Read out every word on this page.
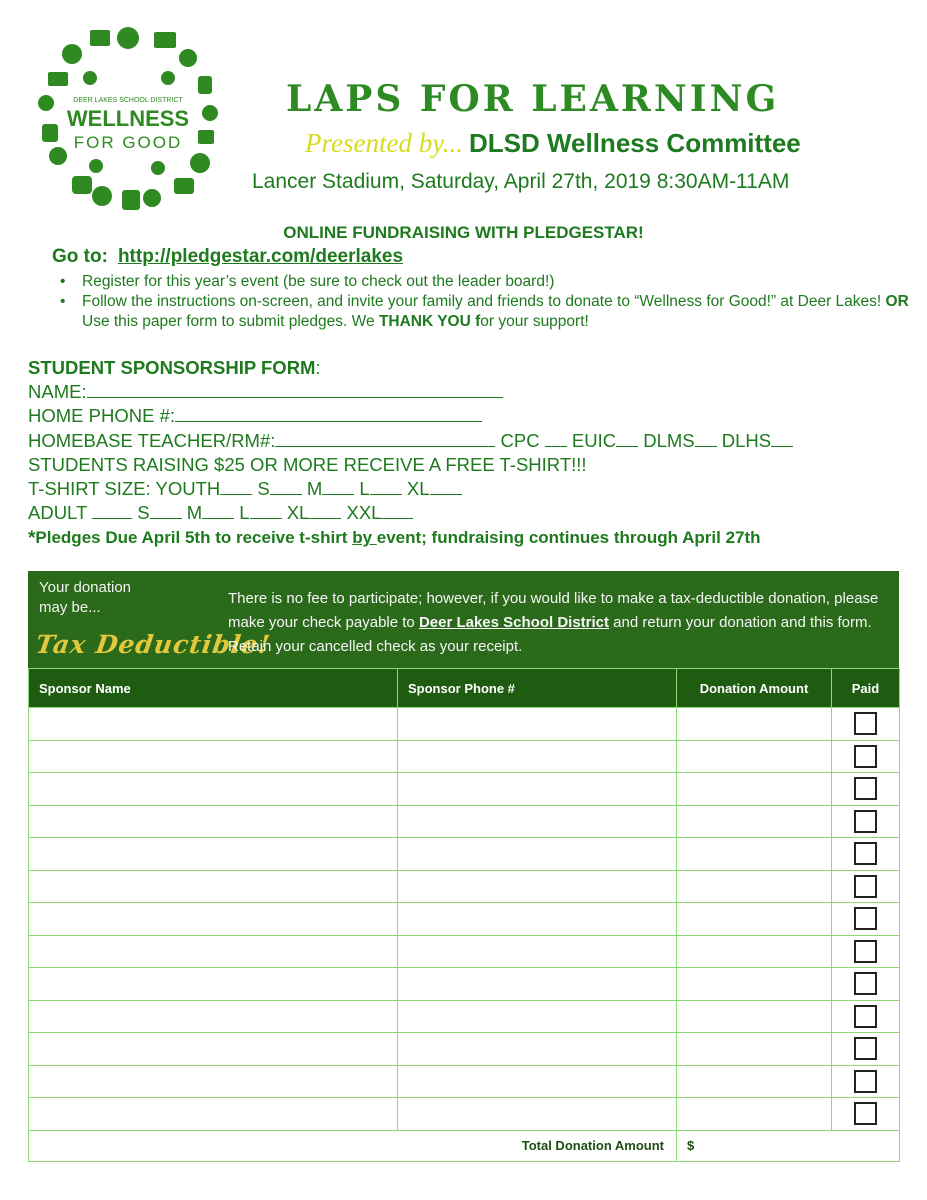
DEER LAKES SCHOOL DISTRICT
WELLNESS
FOR GOOD
LAPS FOR LEARNING
Presented by... DLSD Wellness Committee
Lancer Stadium, Saturday, April 27th, 2019 8:30AM-11AM
ONLINE FUNDRAISING WITH PLEDGESTAR!
Go to: http://pledgestar.com/deerlakes
• Register for this year’s event (be sure to check out the leader board!)
• Follow the instructions on-screen, and invite your family and friends to donate to “Wellness for Good!” at Deer Lakes! OR Use this paper form to submit pledges. We THANK YOU for your support!
STUDENT SPONSORSHIP FORM:
NAME:
HOME PHONE #:
HOMEBASE TEACHER/RM#:	CPC EUIC DLMS DLHS
STUDENTS RAISING $25 OR MORE RECEIVE A FREE T-SHIRT!!!
T-SHIRT SIZE: YOUTH S M L XL
ADULT	S M L XL XXL
*Pledges Due April 5th to receive t-shirt by event; fundraising continues through April 27th
Your donation
may be...
Tax Deductible!
There is no fee to participate; however, if you would like to make a tax-deductible donation, please make your check payable to Deer Lakes School District and return your donation and this form. Retain your cancelled check as your receipt.
Sponsor Name	Sponsor Phone #	Donation Amount	Paid

Total Donation Amount		$	
